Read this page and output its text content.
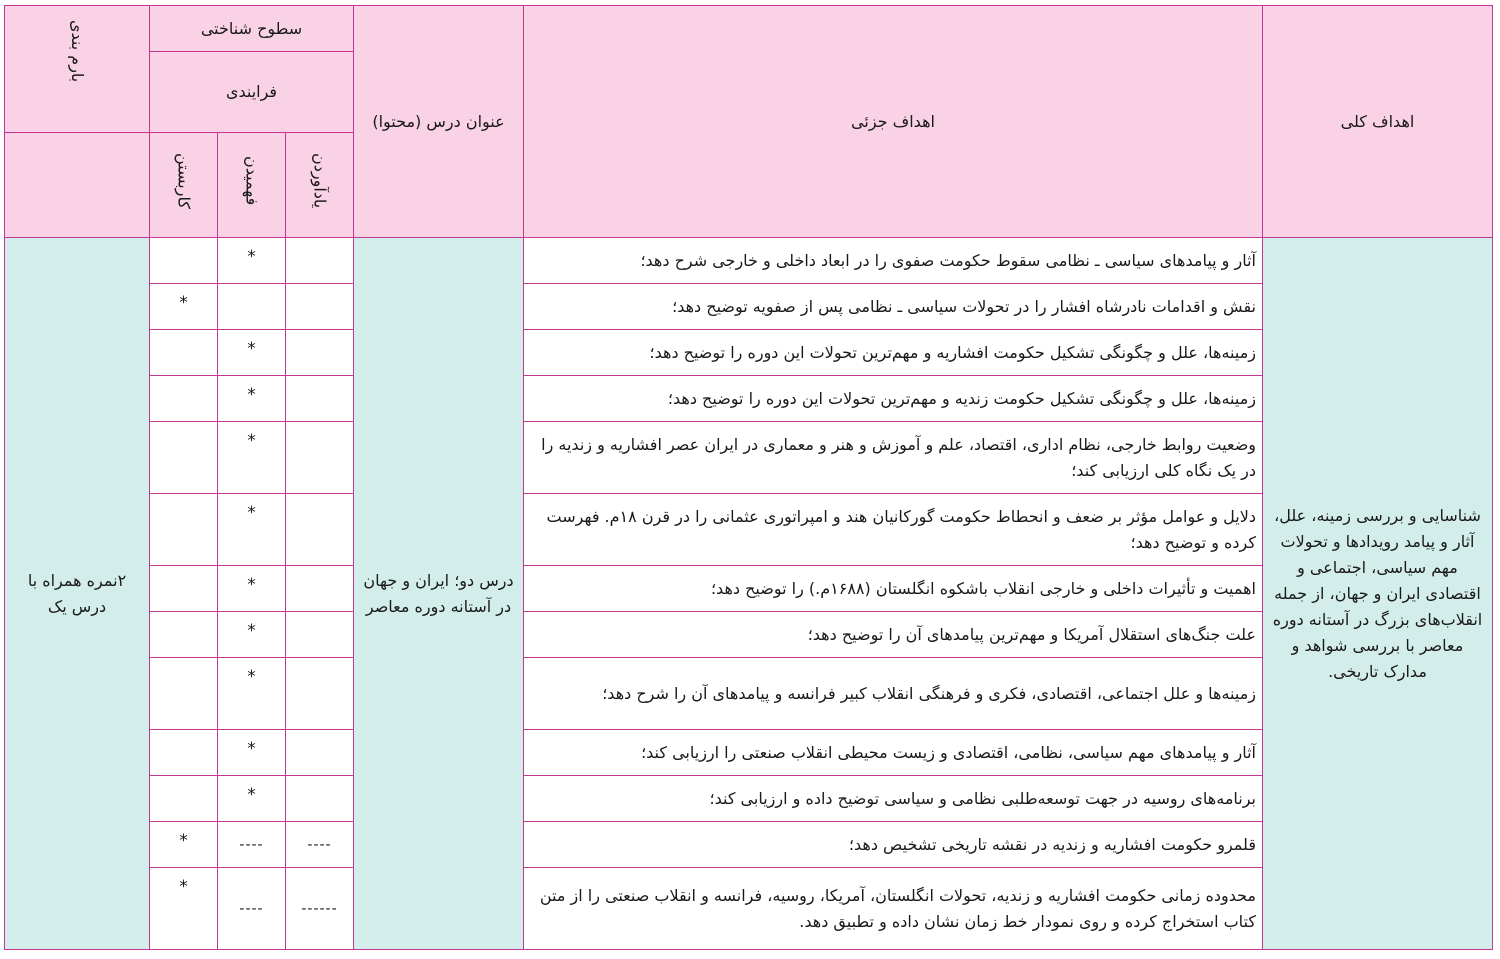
اهداف کلی	اهداف جزئی	عنوان درس (محتوا)	سطوح شناختی			بارم بندی
			فرایندی			
			یادآوردن	فهمیدن	کاربستن	
شناسایی و بررسی زمینه، علل، آثار و پیامد رویدادها و تحولات مهم سیاسی، اجتماعی و اقتصادی ایران و جهان، از جمله انقلاب‌های بزرگ در آستانه دوره معاصر با بررسی شواهد و مدارک تاریخی.	آثار و پیامدهای سیاسی ـ نظامی سقوط حکومت صفوی را در ابعاد داخلی و خارجی شرح دهد؛	درس دو؛ ایران و جهان در آستانه دوره معاصر		*		۲نمره همراه با درس یک
	نقش و اقدامات نادرشاه افشار را در تحولات سیاسی ـ نظامی پس از صفویه توضیح دهد؛				*	
	زمینه‌ها، علل و چگونگی تشکیل حکومت افشاریه و مهم‌ترین تحولات این دوره را توضیح دهد؛			*		
	زمینه‌ها، علل و چگونگی تشکیل حکومت زندیه و مهم‌ترین تحولات این دوره را توضیح دهد؛			*		
	وضعیت روابط خارجی، نظام اداری، اقتصاد، علم و آموزش و هنر و معماری در ایران عصر افشاریه و زندیه را در یک نگاه کلی ارزیابی کند؛			*		
	دلایل و عوامل مؤثر بر ضعف و انحطاط حکومت گورکانیان هند و امپراتوری عثمانی را در قرن ۱۸م. فهرست کرده و توضیح دهد؛			*		
	اهمیت و تأثیرات داخلی و خارجی انقلاب باشکوه انگلستان (۱۶۸۸م.) را توضیح دهد؛			*		
	علت جنگ‌های استقلال آمریکا و مهم‌ترین پیامدهای آن را توضیح دهد؛			*		
	زمینه‌ها و علل اجتماعی، اقتصادی، فکری و فرهنگی انقلاب کبیر فرانسه و پیامدهای آن را شرح دهد؛			*		
	آثار و پیامدهای مهم سیاسی، نظامی، اقتصادی و زیست محیطی انقلاب صنعتی را ارزیابی کند؛			*		
	برنامه‌های روسیه در جهت توسعه‌طلبی نظامی و سیاسی توضیح داده و ارزیابی کند؛			*		
	قلمرو حکومت افشاریه و زندیه در نقشه تاریخی تشخیص دهد؛		----	----	*	
	محدوده زمانی حکومت افشاریه و زندیه، تحولات انگلستان، آمریکا، روسیه، فرانسه و انقلاب صنعتی را از متن کتاب استخراج کرده و روی نمودار خط زمان نشان داده و تطبیق دهد.		------	----	*	
